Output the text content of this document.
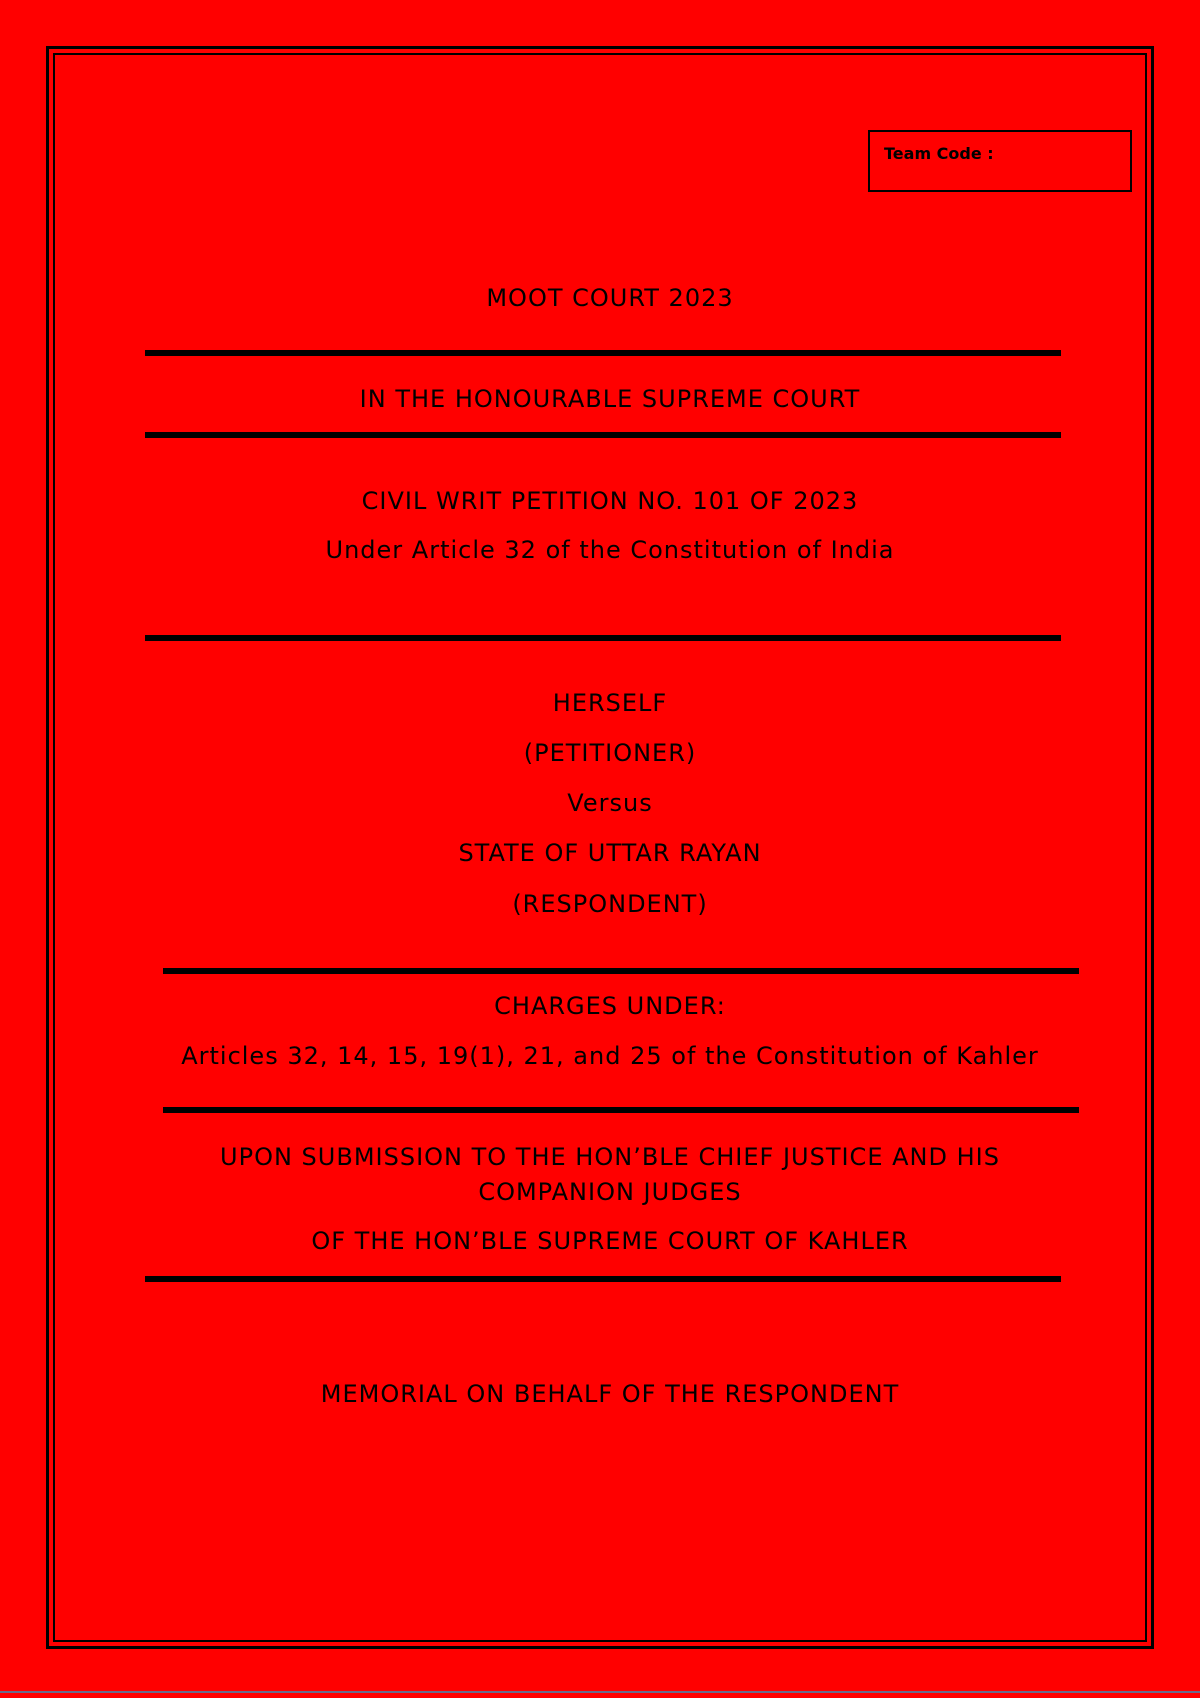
Team Code :
MOOT COURT 2023
IN THE HONOURABLE SUPREME COURT
CIVIL WRIT PETITION NO. 101 OF 2023
Under Article 32 of the Constitution of India
HERSELF
(PETITIONER)
Versus
STATE OF UTTAR RAYAN
(RESPONDENT)
CHARGES UNDER:
Articles 32, 14, 15, 19(1), 21, and 25 of the Constitution of Kahler
UPON SUBMISSION TO THE HON’BLE CHIEF JUSTICE AND HIS
COMPANION JUDGES
OF THE HON’BLE SUPREME COURT OF KAHLER
MEMORIAL ON BEHALF OF THE RESPONDENT
